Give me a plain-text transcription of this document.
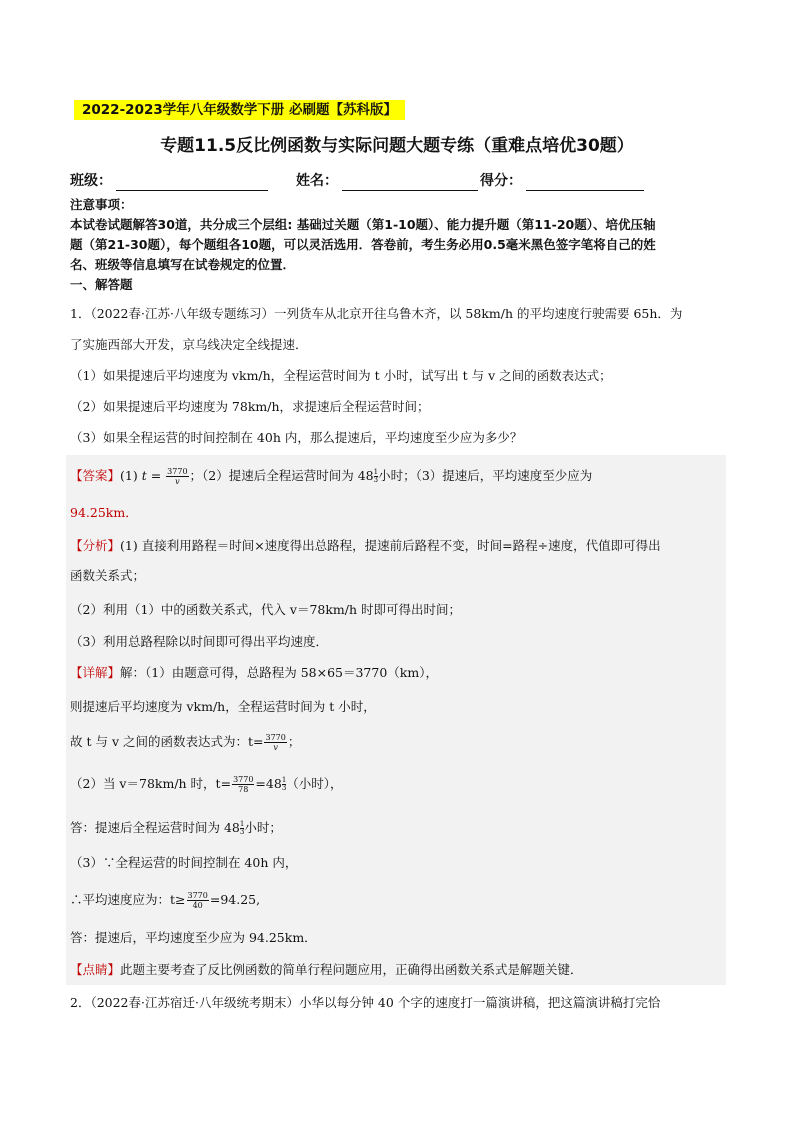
2022-2023学年八年级数学下册 必刷题【苏科版】
专题11.5反比例函数与实际问题大题专练（重难点培优30题）
班级：	姓名：	得分：

注意事项：

本试卷试题解答30道，共分成三个层组: 基础过关题（第1-10题）、能力提升题（第11-20题）、培优压轴

题（第21-30题），每个题组各10题，可以灵活选用．答卷前，考生务必用0.5毫米黑色签字笔将自己的姓

名、班级等信息填写在试卷规定的位置．

一、解答题

1．（2022春·江苏·八年级专题练习）一列货车从北京开往乌鲁木齐，以 58km/h 的平均速度行驶需要 65h．为
了实施西部大开发，京乌线决定全线提速．
（1）如果提速后平均速度为 vkm/h，全程运营时间为 t 小时，试写出 t 与 v 之间的函数表达式；
（2）如果提速后平均速度为 78km/h，求提速后全程运营时间；
（3）如果全程运营的时间控制在 40h 内，那么提速后，平均速度至少应为多少？
【答案】(1) $t = \frac{3770}{v}$ ；（2）提速后全程运营时间为 $48 \frac{1}{3}$ 小时；（3）提速后，平均速度至少应为
94.25km．
【分析】(1) 直接利用路程＝时间×速度得出总路程，提速前后路程不变，时间=路程÷速度，代值即可得出
函数关系式；
（2）利用（1）中的函数关系式，代入 v＝78km/h 时即可得出时间；
（3）利用总路程除以时间即可得出平均速度．
【详解】解：（1）由题意可得，总路程为 58×65＝3770（km），
则提速后平均速度为 vkm/h，全程运营时间为 t 小时，
故 t 与 v 之间的函数表达式为：$t= \frac{3770}{v}$ ；
（2）当 v＝78km/h 时，$t= \frac{3770}{78} =48 \frac{1}{3}$ （小时），
答：提速后全程运营时间为 $48 \frac{1}{3}$ 小时；
（3）∵全程运营的时间控制在 40h 内，
∴平均速度应为：$t\ge \frac{3770}{40} =94.25$,
答：提速后，平均速度至少应为 94.25km．
【点睛】此题主要考查了反比例函数的简单行程问题应用，正确得出函数关系式是解题关键．
2．（2022春·江苏宿迁·八年级统考期末）小华以每分钟 40 个字的速度打一篇演讲稿，把这篇演讲稿打完恰
